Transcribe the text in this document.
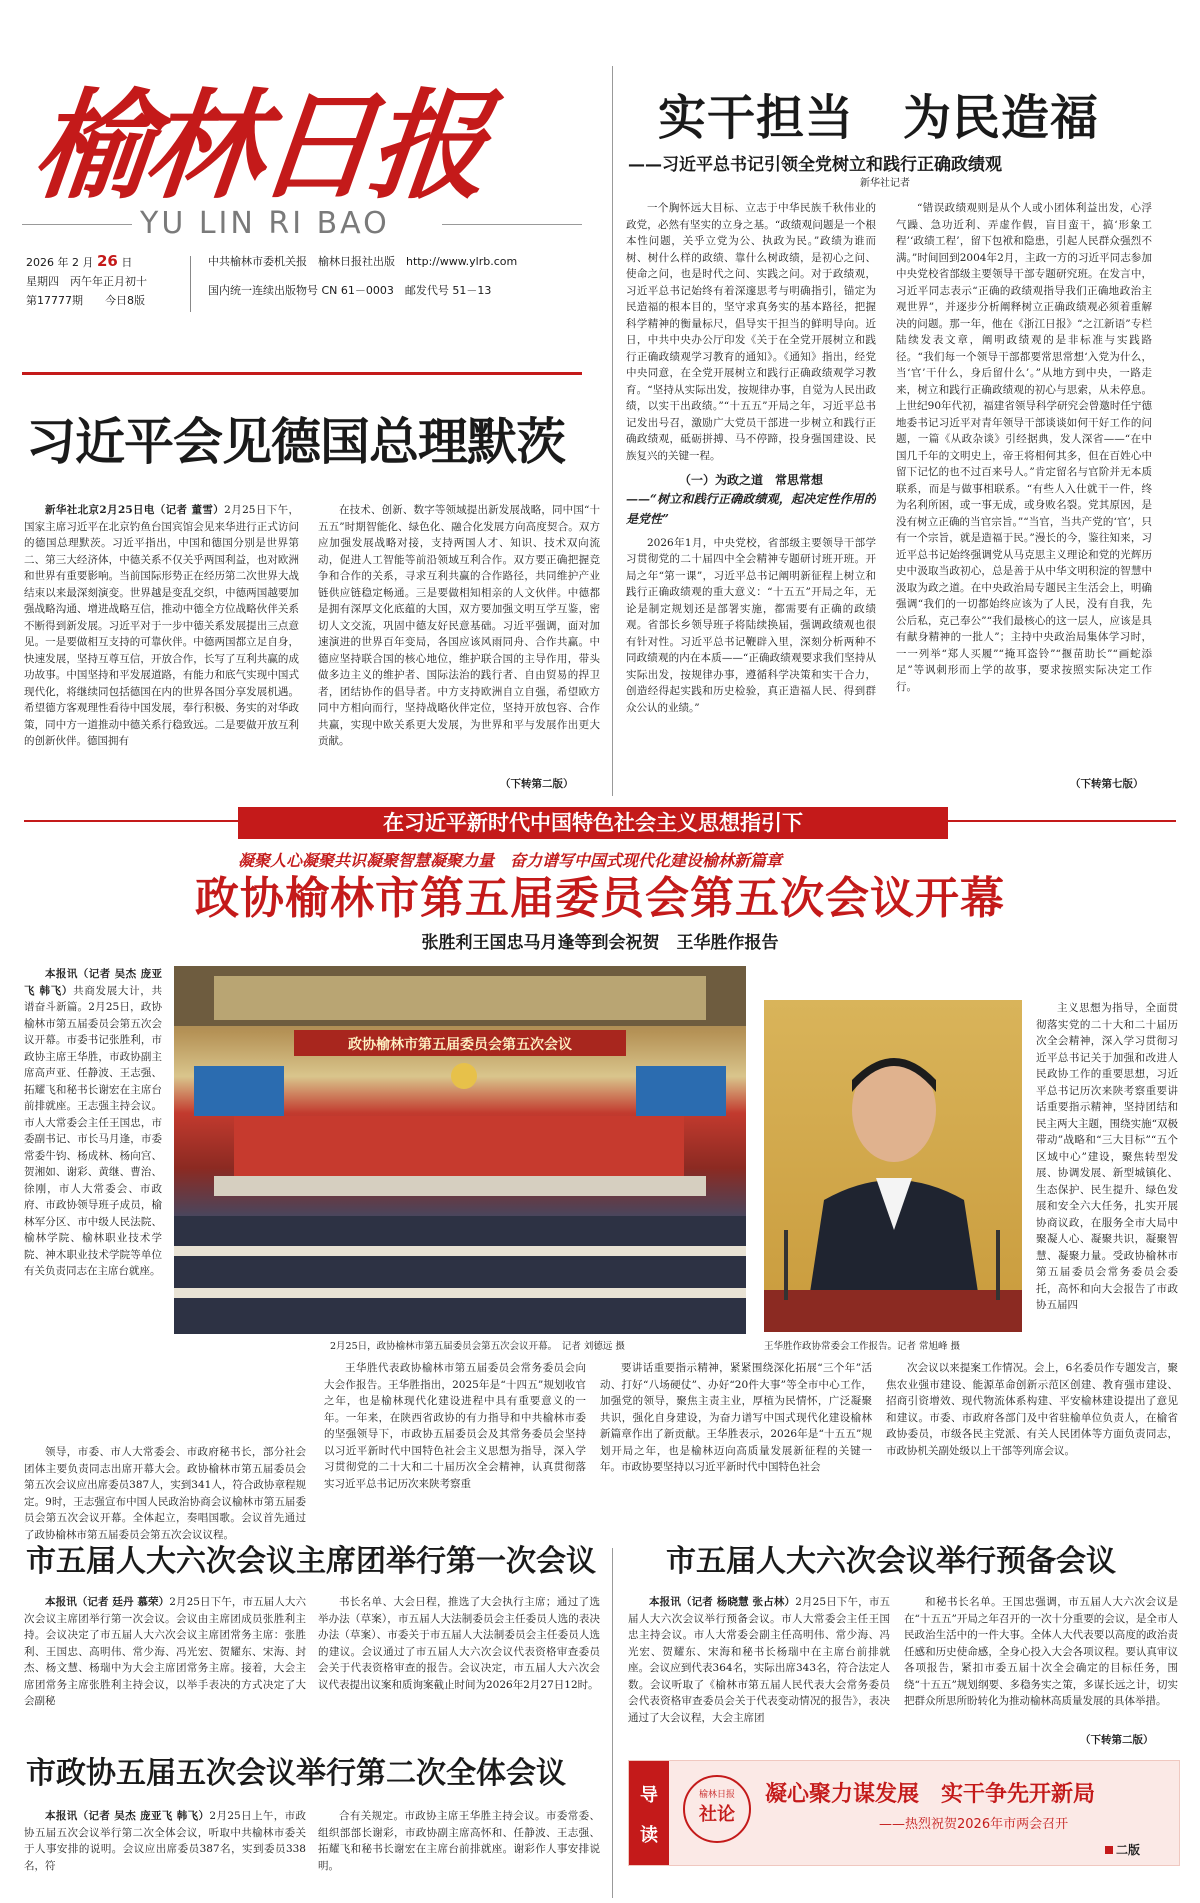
榆林日报
YU LIN RI BAO
2026 年 2 月 26 日
星期四　 丙午年正月初十
第17777期　　 今日8版
中共榆林市委机关报　榆林日报社出版　 http://www.ylrb.com
国内统一连续出版物号 CN 61－0003　 邮发代号 51－13
实干担当　为民造福
——习近平总书记引领全党树立和践行正确政绩观
新华社记者

一个胸怀远大目标、立志于中华民族千秋伟业的政党，必然有坚实的立身之基。“政绩观问题是一个根本性问题，关乎立党为公、执政为民。”政绩为谁而树、树什么样的政绩、靠什么树政绩，是初心之问、使命之问，也是时代之问、实践之问。对于政绩观，习近平总书记始终有着深邃思考与明确指引，锚定为民造福的根本目的，坚守求真务实的基本路径，把握科学精神的衡量标尺，倡导实干担当的鲜明导向。近日，中共中央办公厅印发《关于在全党开展树立和践行正确政绩观学习教育的通知》。《通知》指出，经党中央同意，在全党开展树立和践行正确政绩观学习教育。“坚持从实际出发，按规律办事，自觉为人民出政绩，以实干出政绩。”“十五五”开局之年，习近平总书记发出号召，激励广大党员干部进一步树立和践行正确政绩观，砥砺拼搏、马不停蹄，投身强国建设、民族复兴的关键一程。

（一）为政之道　常思常想
——“树立和践行正确政绩观，起决定性作用的是党性”

2026年1月，中央党校，省部级主要领导干部学习贯彻党的二十届四中全会精神专题研讨班开班。开局之年“第一课”，习近平总书记阐明新征程上树立和践行正确政绩观的重大意义：“十五五”开局之年，无论是制定规划还是部署实施，都需要有正确的政绩观。省部长乡领导班子将陆续换届，强调政绩观也很有针对性。习近平总书记鞭辟入里，深刻分析两种不同政绩观的内在本质——“正确政绩观要求我们坚持从实际出发，按规律办事，遵循科学决策和实干合力，创造经得起实践和历史检验，真正造福人民、得到群众公认的业绩。”

“错误政绩观则是从个人或小团体利益出发，心浮气躁、急功近利、弄虚作假，盲目蛮干，搞‘形象工程’‘政绩工程’，留下包袱和隐患，引起人民群众强烈不满。”时间回到2004年2月，主政一方的习近平同志参加中央党校省部级主要领导干部专题研究班。在发言中，习近平同志表示“正确的政绩观指导我们正确地政治主观世界”，并逐步分析阐释树立正确政绩观必须着重解决的问题。那一年，他在《浙江日报》“之江新语”专栏陆续发表文章，阐明政绩观的是非标准与实践路径。“我们每一个领导干部都要常思常想‘入党为什么，当‘官’干什么，身后留什么’。”从地方到中央，一路走来，树立和践行正确政绩观的初心与思索，从未停息。上世纪90年代初，福建省领导科学研究会曾邀时任宁德地委书记习近平对青年领导干部谈谈如何干好工作的问题，一篇《从政杂谈》引经据典，发人深省——“在中国几千年的文明史上，帝王将相何其多，但在百姓心中留下记忆的也不过百来号人。”肯定留名与官阶并无本质联系，而是与做事相联系。“有些人入仕就干一件，终为名利所困，或一事无成，或身败名裂。党其原因，是没有树立正确的当官宗旨。”“当官，当共产党的‘官’，只有一个宗旨，就是造福于民。”漫长的今，鉴往知来，习近平总书记始终强调党从马克思主义理论和党的光辉历史中汲取当政初心，总是善于从中华文明积淀的智慧中汲取为政之道。在中央政治局专题民主生活会上，明确强调“我们的一切都始终应该为了人民，没有自我，先公后私，克己奉公”“我们最核心的这一层人，应该是具有献身精神的一批人”；主持中央政治局集体学习时，一一列举“郑人买履”“掩耳盗铃”“揠苗助长”“画蛇添足”等讽刺形而上学的故事，要求按照实际决定工作行。

（下转第七版）
习近平会见德国总理默茨

新华社北京2月25日电（记者 董雪）2月25日下午，国家主席习近平在北京钓鱼台国宾馆会见来华进行正式访问的德国总理默茨。习近平指出，中国和德国分别是世界第二、第三大经济体，中德关系不仅关乎两国利益，也对欧洲和世界有重要影响。当前国际形势正在经历第二次世界大战结束以来最深刻演变。世界越是变乱交织，中德两国越要加强战略沟通、增进战略互信，推动中德全方位战略伙伴关系不断得到新发展。习近平对于一步中德关系发展提出三点意见。一是要做相互支持的可靠伙伴。中德两国都立足自身，快速发展，坚持互尊互信，开放合作，长写了互利共赢的成功故事。中国坚持和平发展道路，有能力和底气实现中国式现代化，将继续同包括德国在内的世界各国分享发展机遇。希望德方客观理性看待中国发展，奉行积极、务实的对华政策，同中方一道推动中德关系行稳致远。二是要做开放互利的创新伙伴。德国拥有

在技术、创新、数字等领域提出新发展战略，同中国“十五五”时期智能化、绿色化、融合化发展方向高度契合。双方应加强发展战略对接，支持两国人才、知识、技术双向流动，促进人工智能等前沿领域互利合作。双方要正确把握竞争和合作的关系，寻求互利共赢的合作路径，共同维护产业链供应链稳定畅通。三是要做相知相亲的人文伙伴。中德都是拥有深厚文化底蕴的大国，双方要加强文明互学互鉴，密切人文交流，巩固中德友好民意基础。习近平强调，面对加速演进的世界百年变局，各国应该风雨同舟、合作共赢。中德应坚持联合国的核心地位，维护联合国的主导作用，带头做多边主义的维护者、国际法治的践行者、自由贸易的捍卫者，团结协作的倡导者。中方支持欧洲自立自强，希望欧方同中方相向而行，坚持战略伙伴定位，坚持开放包容、合作共赢，实现中欧关系更大发展，为世界和平与发展作出更大贡献。

（下转第二版）
在习近平新时代中国特色社会主义思想指引下
凝聚人心凝聚共识凝聚智慧凝聚力量　 奋力谱写中国式现代化建设榆林新篇章
政协榆林市第五届委员会第五次会议开幕
张胜利王国忠马月逢等到会祝贺　王华胜作报告

本报讯（记者 吴杰 庞亚飞 韩飞）共商发展大计，共谱奋斗新篇。2月25日，政协榆林市第五届委员会第五次会议开幕。市委书记张胜利，市政协主席王华胜，市政协副主席高声亚、任静波、王志强、拓耀飞和秘书长谢宏在主席台前排就座。王志强主持会议。市人大常委会主任王国忠，市委副书记、市长马月逢，市委常委牛钧、杨成林、杨向宫、贺湘如、谢彩、黄继、曹治、徐刚，市人大常委会、市政府、市政协领导班子成员，榆林军分区、市中级人民法院、榆林学院、榆林职业技术学院、神木职业技术学院等单位有关负责同志在主席台就座。

领导，市委、市人大常委会、市政府秘书长，部分社会团体主要负责同志出席开幕大会。政协榆林市第五届委员会第五次会议应出席委员387人，实到341人，符合政协章程规定。9时，王志强宣布中国人民政治协商会议榆林市第五届委员会第五次会议开幕。全体起立，奏唱国歌。会议首先通过了政协榆林市第五届委员会第五次会议议程。

政协榆林市第五届委员会第五次会议
2月25日，政协榆林市第五届委员会第五次会议开幕。　记者 刘德远 摄	王华胜作政协常委会工作报告。记者 常旭峰 摄

主义思想为指导，全面贯彻落实党的二十大和二十届历次全会精神，深入学习贯彻习近平总书记关于加强和改进人民政协工作的重要思想，习近平总书记历次来陕考察重要讲话重要指示精神，坚持团结和民主两大主题，围绕实施“双极带动”战略和“三大目标”“五个区域中心”建设，聚焦转型发展、协调发展、新型城镇化、生态保护、民生提升、绿色发展和安全六大任务，扎实开展协商议政，在服务全市大局中聚凝人心、凝聚共识，凝聚智慧、凝聚力量。受政协榆林市第五届委员会常务委员会委托，高怀和向大会报告了市政协五届四

王华胜代表政协榆林市第五届委员会常务委员会向大会作报告。王华胜指出，2025年是“十四五”规划收官之年，也是榆林现代化建设进程中具有重要意义的一年。一年来，在陕西省政协的有力指导和中共榆林市委的坚强领导下，市政协五届委员会及其常务委员会坚持以习近平新时代中国特色社会主义思想为指导，深入学习贯彻党的二十大和二十届历次全会精神，认真贯彻落实习近平总书记历次来陕考察重

要讲话重要指示精神，紧紧围绕深化拓展“三个年”活动、打好“八场硬仗”、办好“20件大事”等全市中心工作，加强党的领导，聚焦主责主业，厚植为民情怀，广泛凝聚共识，强化自身建设，为奋力谱写中国式现代化建设榆林新篇章作出了新贡献。王华胜表示，2026年是“十五五”规划开局之年，也是榆林迈向高质量发展新征程的关键一年。市政协要坚持以习近平新时代中国特色社会

次会议以来提案工作情况。会上，6名委员作专题发言，聚焦农业强市建设、能源革命创新示范区创建、教育强市建设、招商引资增效、现代物流体系构建、平安榆林建设提出了意见和建议。市委、市政府各部门及中省驻榆单位负责人，在榆省政协委员，市级各民主党派、有关人民团体等方面负责同志，市政协机关副处级以上干部等列席会议。

市五届人大六次会议主席团举行第一次会议

本报讯（记者 廷丹 慕荣）2月25日下午，市五届人大六次会议主席团举行第一次会议。会议由主席团成员张胜利主持。会议决定了市五届人大六次会议主席团常务主席：张胜利、王国忠、高明伟、常少海、冯光宏、贺耀东、宋海、封杰、杨文慧、杨瑞中为大会主席团常务主席。接着，大会主席团常务主席张胜利主持会议，以举手表决的方式决定了大会副秘

书长名单、大会日程，推选了大会执行主席；通过了选举办法（草案），市五届人大法制委员会主任委员人选的表决办法（草案）、市委关于市五届人大法制委员会主任委员人选的建议。会议通过了市五届人大六次会议代表资格审查委员会关于代表资格审查的报告。会议决定，市五届人大六次会议代表提出议案和质询案截止时间为2026年2月27日12时。

市五届人大六次会议举行预备会议

本报讯（记者 杨晓慧 张占林）2月25日下午，市五届人大六次会议举行预备会议。市人大常委会主任王国忠主持会议。市人大常委会副主任高明伟、常少海、冯光宏、贺耀东、宋海和秘书长杨瑞中在主席台前排就座。会议应到代表364名，实际出席343名，符合法定人数。会议听取了《榆林市第五届人民代表大会常务委员会代表资格审查委员会关于代表变动情况的报告》，表决通过了大会议程，大会主席团

和秘书长名单。王国忠强调，市五届人大六次会议是在“十五五”开局之年召开的一次十分重要的会议，是全市人民政治生活中的一件大事。全体人大代表要以高度的政治责任感和历史使命感，全身心投入大会各项议程。要认真审议各项报告，紧扣市委五届十次全会确定的目标任务，围绕“十五五”规划纲要、多稳务实之策，多谋长远之计，切实把群众所思所盼转化为推动榆林高质量发展的具体举措。

（下转第二版）
市政协五届五次会议举行第二次全体会议

本报讯（记者 吴杰 庞亚飞 韩飞）2月25日上午，市政协五届五次会议举行第二次全体会议，听取中共榆林市委关于人事安排的说明。会议应出席委员387名，实到委员338名，符

合有关规定。市政协主席王华胜主持会议。市委常委、组织部部长谢彩，市政协副主席高怀和、任静波、王志强、拓耀飞和秘书长谢宏在主席台前排就座。谢彩作人事安排说明。

导
读
榆林日报
社论
凝心聚力谋发展　实干争先开新局
——热烈祝贺2026年市两会召开
二版
